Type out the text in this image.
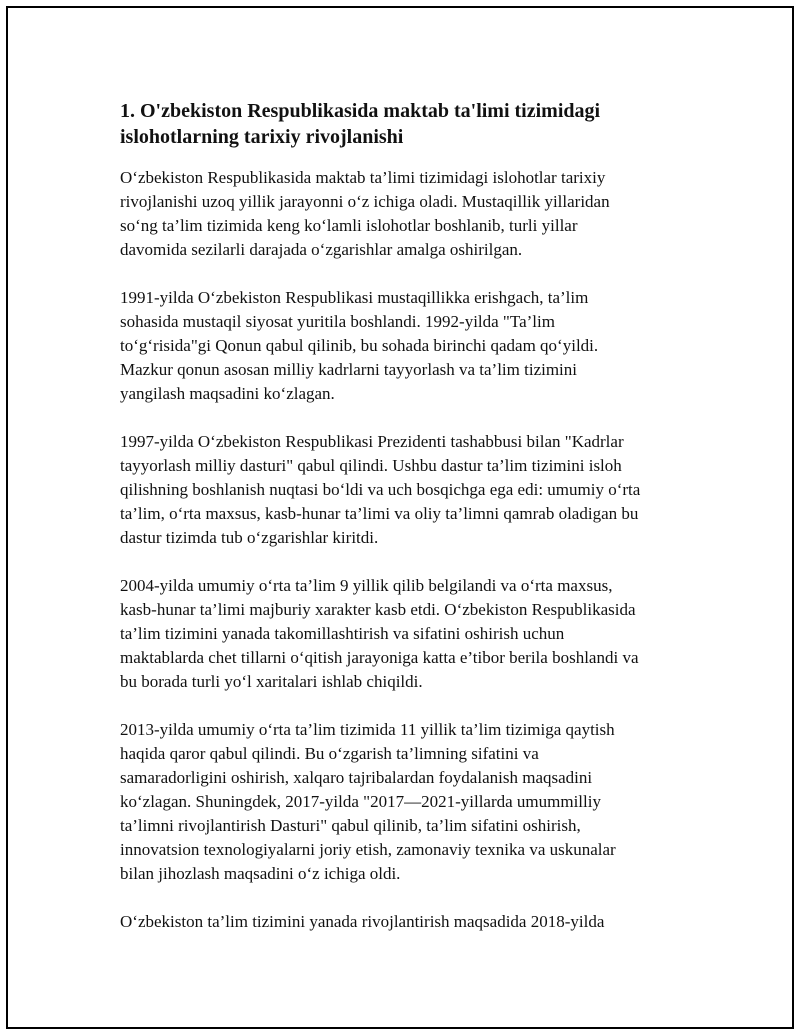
1. O'zbekiston Respublikasida maktab ta'limi tizimidagi
islohotlarning tarixiy rivojlanishi
O‘zbekiston Respublikasida maktab ta’limi tizimidagi islohotlar tarixiy
rivojlanishi uzoq yillik jarayonni o‘z ichiga oladi. Mustaqillik yillaridan
so‘ng ta’lim tizimida keng ko‘lamli islohotlar boshlanib, turli yillar
davomida sezilarli darajada o‘zgarishlar amalga oshirilgan.
1991-yilda O‘zbekiston Respublikasi mustaqillikka erishgach, ta’lim
sohasida mustaqil siyosat yuritila boshlandi. 1992-yilda "Ta’lim
to‘g‘risida"gi Qonun qabul qilinib, bu sohada birinchi qadam qo‘yildi.
Mazkur qonun asosan milliy kadrlarni tayyorlash va ta’lim tizimini
yangilash maqsadini ko‘zlagan.
1997-yilda O‘zbekiston Respublikasi Prezidenti tashabbusi bilan "Kadrlar
tayyorlash milliy dasturi" qabul qilindi. Ushbu dastur ta’lim tizimini isloh
qilishning boshlanish nuqtasi bo‘ldi va uch bosqichga ega edi: umumiy o‘rta
ta’lim, o‘rta maxsus, kasb-hunar ta’limi va oliy ta’limni qamrab oladigan bu
dastur tizimda tub o‘zgarishlar kiritdi.
2004-yilda umumiy o‘rta ta’lim 9 yillik qilib belgilandi va o‘rta maxsus,
kasb-hunar ta’limi majburiy xarakter kasb etdi. O‘zbekiston Respublikasida
ta’lim tizimini yanada takomillashtirish va sifatini oshirish uchun
maktablarda chet tillarni o‘qitish jarayoniga katta e’tibor berila boshlandi va
bu borada turli yo‘l xaritalari ishlab chiqildi.
2013-yilda umumiy o‘rta ta’lim tizimida 11 yillik ta’lim tizimiga qaytish
haqida qaror qabul qilindi. Bu o‘zgarish ta’limning sifatini va
samaradorligini oshirish, xalqaro tajribalardan foydalanish maqsadini
ko‘zlagan. Shuningdek, 2017-yilda "2017—2021-yillarda umummilliy
ta’limni rivojlantirish Dasturi" qabul qilinib, ta’lim sifatini oshirish,
innovatsion texnologiyalarni joriy etish, zamonaviy texnika va uskunalar
bilan jihozlash maqsadini o‘z ichiga oldi.
O‘zbekiston ta’lim tizimini yanada rivojlantirish maqsadida 2018-yilda
